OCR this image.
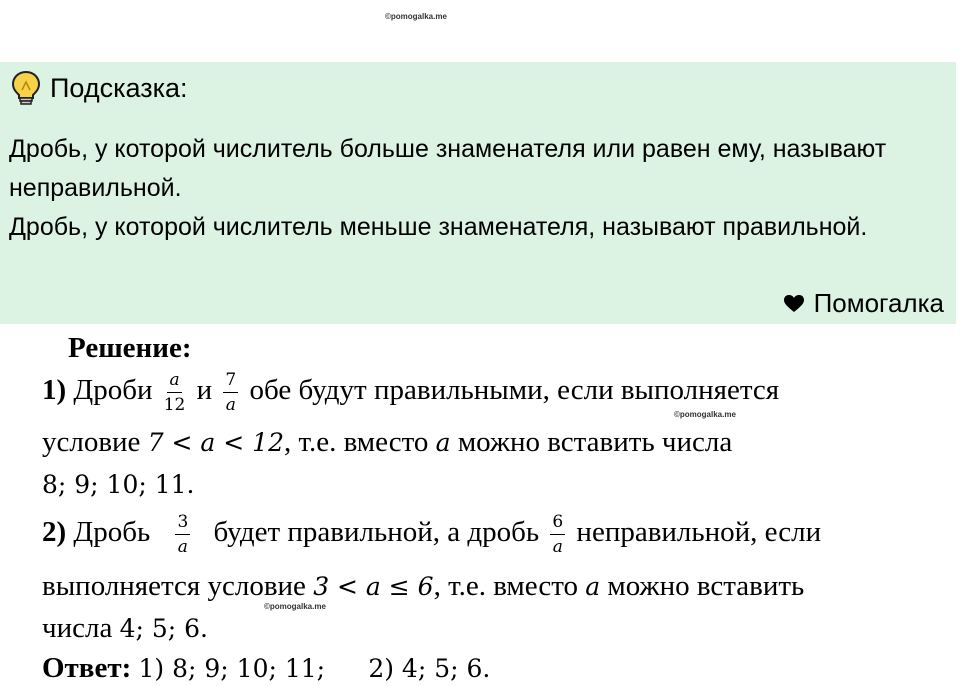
©pomogalka.me
Подсказка:

Дробь, у которой числитель больше знаменателя или равен ему, называют неправильной.

Дробь, у которой числитель меньше знаменателя, называют правильной.

Помогалка
Решение:
1) Дроби $\frac{a}{12}$ и $\frac{7}{a}$ обе будут правильными, если выполняется
©pomogalka.me
условие 7 < a < 12, т.е. вместо a можно вставить числа
8; 9; 10; 11.
2) Дробь $\frac{3}{a}$ будет правильной, а дробь $\frac{6}{a}$ неправильной, если
выполняется условие 3 < a ≤ 6, т.е. вместо a можно вставить
©pomogalka.me
числа 4; 5; 6.
Ответ: 1) 8; 9; 10; 11; 2) 4; 5; 6.
